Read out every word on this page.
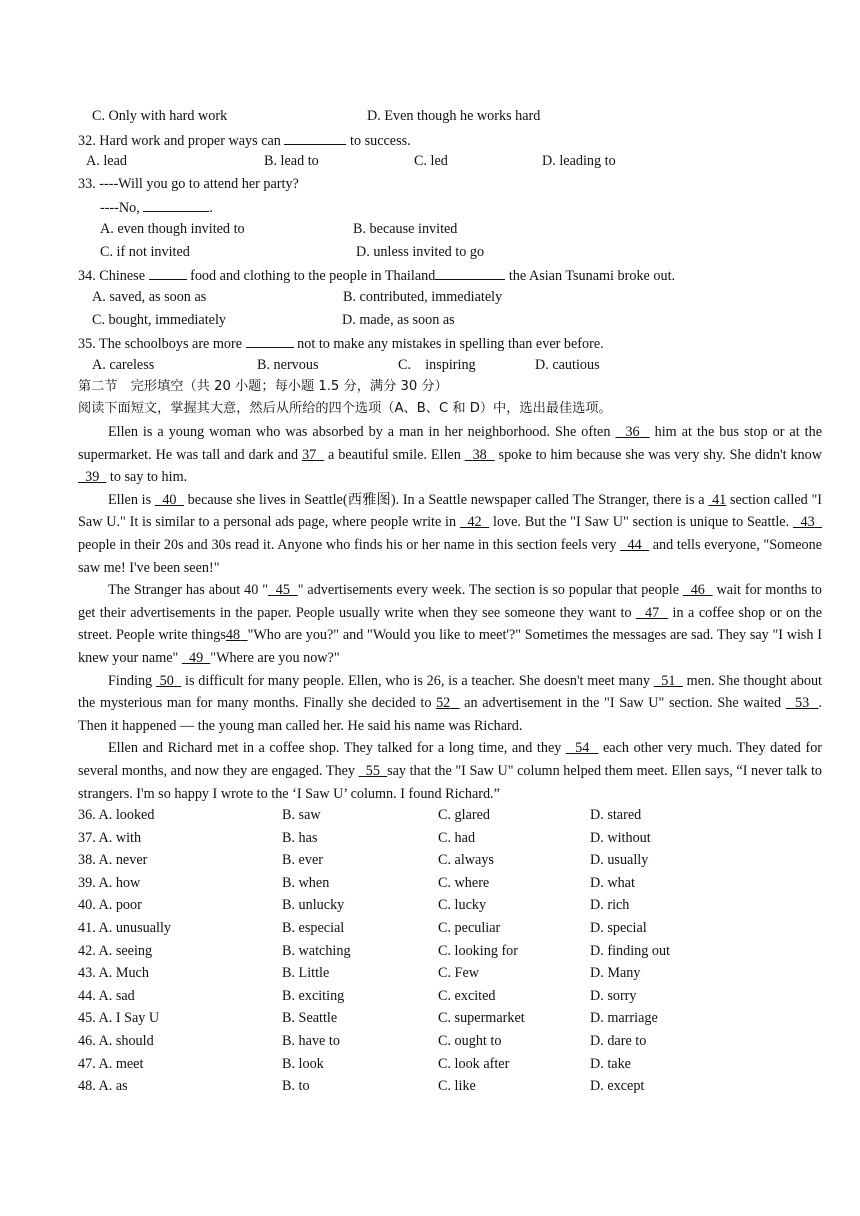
C. Only with hard work	D. Even though he works hard
32. Hard work and proper ways can	to success.
A. lead	B. lead to	C. led	D. leading to
33. ----Will you go to attend her party?
----No,	.
A. even though invited to	B. because invited
C. if not invited	D. unless invited to go
34. Chinese	food and clothing to the people in Thailand	the Asian Tsunami broke out.
A. saved, as soon as	B. contributed, immediately
C. bought, immediately	D. made, as soon as
35. The schoolboys are more	not to make any mistakes in spelling than ever before.
A. careless	B. nervous	C.    inspiring	D. cautious
第二节　完形填空（共 20 小题；每小题 1.5 分，满分 30 分）
阅读下面短文，掌握其大意，然后从所给的四个选项（A、B、C 和 D）中，选出最佳选项。

Ellen is a young woman who was absorbed by a man in her neighborhood. She often   36   him at the bus stop or at the supermarket. He was tall and dark and 37   a beautiful smile. Ellen   38   spoke to him because she was very shy. She didn't know   39   to say to him.

Ellen is   40   because she lives in Seattle(西雅图). In a Seattle newspaper called The Stranger, there is a  41 section called "I Saw U." It is similar to a personal ads page, where people write in   42   love. But the "I Saw U" section is unique to Seattle.   43   people in their 20s and 30s read it. Anyone who finds his or her name in this section feels very   44   and tells everyone, "Someone saw me! I've been seen!"

The Stranger has about 40 " 45 " advertisements every week. The section is so popular that people   46   wait for months to get their advertisements in the paper. People usually write when they see someone they want to   47   in a coffee shop or on the street. People write things48 "Who are you?" and "Would you like to meet'?" Sometimes the messages are sad. They say "I wish I knew your name"   49 "Where are you now?"

Finding  50   is difficult for many people. Ellen, who is 26, is a teacher. She doesn't meet many   51   men. She thought about the mysterious man for many months. Finally she decided to 52   an advertisement in the "I Saw U" section. She waited   53 . Then it happened ― the young man called her. He said his name was Richard.

Ellen and Richard met in a coffee shop. They talked for a long time, and they   54   each other very much. They dated for several months, and now they are engaged. They   55 say that the "I Saw U" column helped them meet. Ellen says, “I never talk to strangers. I'm so happy I wrote to the ‘I Saw U’ column. I found Richard.”

36. A. looked	B. saw	C. glared	D. stared
37. A. with	B. has	C. had	D. without
38. A. never	B. ever	C. always	D. usually
39. A. how	B. when	C. where	D. what
40. A. poor	B. unlucky	C. lucky	D. rich
41. A. unusually	B. especial	C. peculiar	D. special
42. A. seeing	B. watching	C. looking for	D. finding out
43. A. Much	B. Little	C. Few	D. Many
44. A. sad	B. exciting	C. excited	D. sorry
45. A. I Say U	B. Seattle	C. supermarket	D. marriage
46. A. should	B. have to	C. ought to	D. dare to
47. A. meet	B. look	C. look after	D. take
48. A. as	B. to	C. like	D. except
